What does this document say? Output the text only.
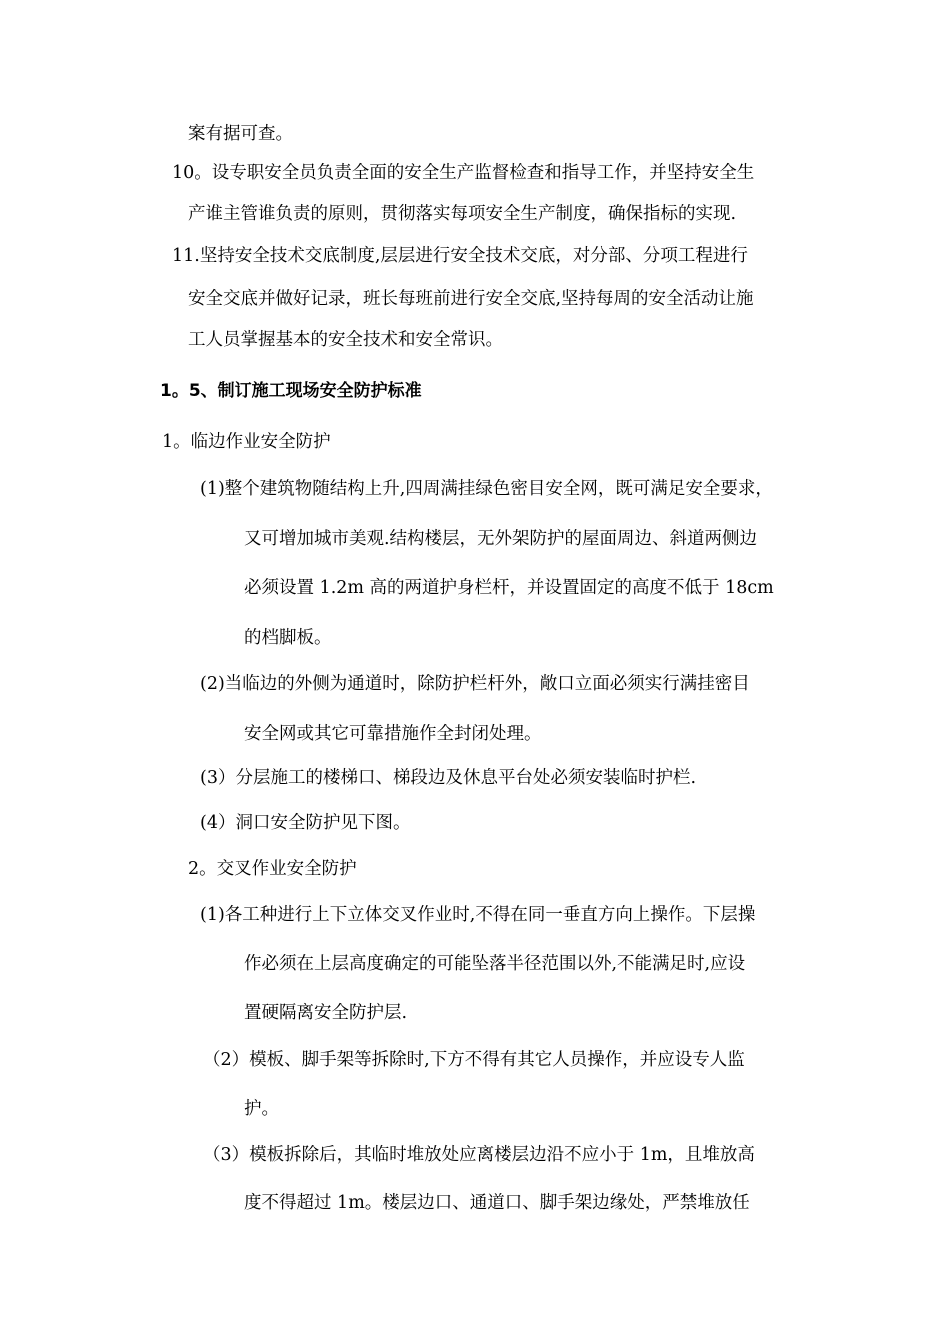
案有据可查。
10。设专职安全员负责全面的安全生产监督检查和指导工作，并坚持安全生
产谁主管谁负责的原则，贯彻落实每项安全生产制度，确保指标的实现.
11.坚持安全技术交底制度,层层进行安全技术交底，对分部、分项工程进行
安全交底并做好记录，班长每班前进行安全交底,坚持每周的安全活动让施
工人员掌握基本的安全技术和安全常识。
1。5、制订施工现场安全防护标准
1。临边作业安全防护
(1)整个建筑物随结构上升,四周满挂绿色密目安全网，既可满足安全要求，
又可增加城市美观.结构楼层，无外架防护的屋面周边、斜道两侧边
必须设置 1.2m 高的两道护身栏杆，并设置固定的高度不低于 18cm
的档脚板。
(2)当临边的外侧为通道时，除防护栏杆外，敞口立面必须实行满挂密目
安全网或其它可靠措施作全封闭处理。
(3）分层施工的楼梯口、梯段边及休息平台处必须安装临时护栏.
(4）洞口安全防护见下图。
2。交叉作业安全防护
(1)各工种进行上下立体交叉作业时,不得在同一垂直方向上操作。下层操
作必须在上层高度确定的可能坠落半径范围以外,不能满足时,应设
置硬隔离安全防护层.
（2）模板、脚手架等拆除时,下方不得有其它人员操作，并应设专人监
护。
（3）模板拆除后，其临时堆放处应离楼层边沿不应小于 1m，且堆放高
度不得超过 1m。楼层边口、通道口、脚手架边缘处，严禁堆放任
